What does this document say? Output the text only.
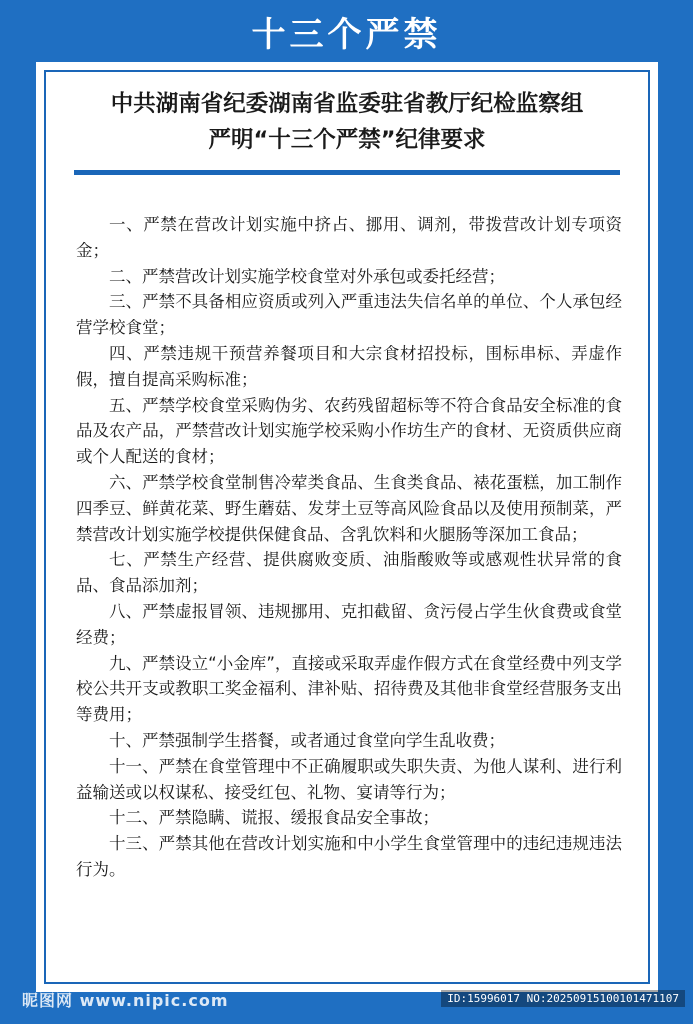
十三个严禁
中共湖南省纪委湖南省监委驻省教厅纪检监察组
严明“十三个严禁”纪律要求

一、严禁在营改计划实施中挤占、挪用、调剂，带拨营改计划专项资金；

二、严禁营改计划实施学校食堂对外承包或委托经营；

三、严禁不具备相应资质或列入严重违法失信名单的单位、个人承包经营学校食堂；

四、严禁违规干预营养餐项目和大宗食材招投标，围标串标、弄虚作假，擅自提高采购标准；

五、严禁学校食堂采购伪劣、农药残留超标等不符合食品安全标准的食品及农产品，严禁营改计划实施学校采购小作坊生产的食材、无资质供应商或个人配送的食材；

六、严禁学校食堂制售冷荤类食品、生食类食品、裱花蛋糕，加工制作四季豆、鲜黄花菜、野生蘑菇、发芽土豆等高风险食品以及使用预制菜，严禁营改计划实施学校提供保健食品、含乳饮料和火腿肠等深加工食品；

七、严禁生产经营、提供腐败变质、油脂酸败等或感观性状异常的食品、食品添加剂；

八、严禁虚报冒领、违规挪用、克扣截留、贪污侵占学生伙食费或食堂经费；

九、严禁设立“小金库”，直接或采取弄虚作假方式在食堂经费中列支学校公共开支或教职工奖金福利、津补贴、招待费及其他非食堂经营服务支出等费用；

十、严禁强制学生搭餐，或者通过食堂向学生乱收费；

十一、严禁在食堂管理中不正确履职或失职失责、为他人谋利、进行利益输送或以权谋私、接受红包、礼物、宴请等行为；

十二、严禁隐瞒、谎报、缓报食品安全事故；

十三、严禁其他在营改计划实施和中小学生食堂管理中的违纪违规违法行为。

昵图网 www.nipic.com	ID:15996017 NO:20250915100101471107
